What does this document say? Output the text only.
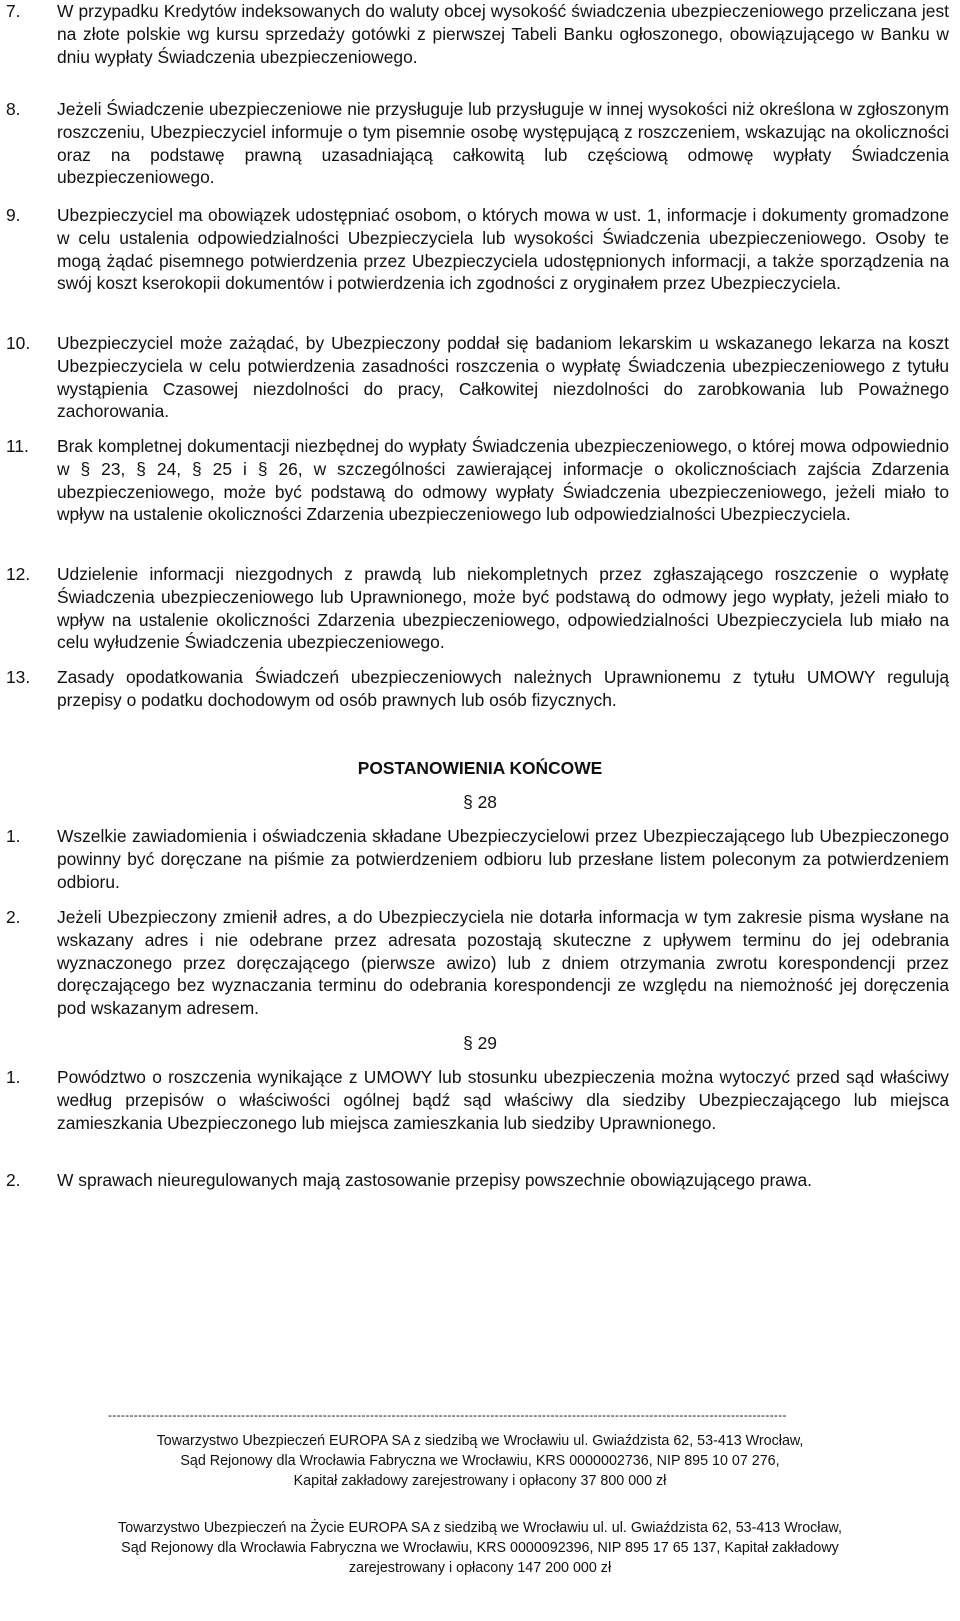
7. W przypadku Kredytów indeksowanych do waluty obcej wysokość świadczenia ubezpieczeniowego przeliczana jest na złote polskie wg kursu sprzedaży gotówki z pierwszej Tabeli Banku ogłoszonego, obowiązującego w Banku w dniu wypłaty Świadczenia ubezpieczeniowego.
8. Jeżeli Świadczenie ubezpieczeniowe nie przysługuje lub przysługuje w innej wysokości niż określona w zgłoszonym roszczeniu, Ubezpieczyciel informuje o tym pisemnie osobę występującą z roszczeniem, wskazując na okoliczności oraz na podstawę prawną uzasadniającą całkowitą lub częściową odmowę wypłaty Świadczenia ubezpieczeniowego.
9. Ubezpieczyciel ma obowiązek udostępniać osobom, o których mowa w ust. 1, informacje i dokumenty gromadzone w celu ustalenia odpowiedzialności Ubezpieczyciela lub wysokości Świadczenia ubezpieczeniowego. Osoby te mogą żądać pisemnego potwierdzenia przez Ubezpieczyciela udostępnionych informacji, a także sporządzenia na swój koszt kserokopii dokumentów i potwierdzenia ich zgodności z oryginałem przez Ubezpieczyciela.
10. Ubezpieczyciel może zażądać, by Ubezpieczony poddał się badaniom lekarskim u wskazanego lekarza na koszt Ubezpieczyciela w celu potwierdzenia zasadności roszczenia o wypłatę Świadczenia ubezpieczeniowego z tytułu wystąpienia Czasowej niezdolności do pracy, Całkowitej niezdolności do zarobkowania lub Poważnego zachorowania.
11. Brak kompletnej dokumentacji niezbędnej do wypłaty Świadczenia ubezpieczeniowego, o której mowa odpowiednio w § 23, § 24, § 25 i § 26, w szczególności zawierającej informacje o okolicznościach zajścia Zdarzenia ubezpieczeniowego, może być podstawą do odmowy wypłaty Świadczenia ubezpieczeniowego, jeżeli miało to wpływ na ustalenie okoliczności Zdarzenia ubezpieczeniowego lub odpowiedzialności Ubezpieczyciela.
12. Udzielenie informacji niezgodnych z prawdą lub niekompletnych przez zgłaszającego roszczenie o wypłatę Świadczenia ubezpieczeniowego lub Uprawnionego, może być podstawą do odmowy jego wypłaty, jeżeli miało to wpływ na ustalenie okoliczności Zdarzenia ubezpieczeniowego, odpowiedzialności Ubezpieczyciela lub miało na celu wyłudzenie Świadczenia ubezpieczeniowego.
13. Zasady opodatkowania Świadczeń ubezpieczeniowych należnych Uprawnionemu z tytułu UMOWY regulują przepisy o podatku dochodowym od osób prawnych lub osób fizycznych.
POSTANOWIENIA KOŃCOWE
§ 28
1. Wszelkie zawiadomienia i oświadczenia składane Ubezpieczycielowi przez Ubezpieczającego lub Ubezpieczonego powinny być doręczane na piśmie za potwierdzeniem odbioru lub przesłane listem poleconym za potwierdzeniem odbioru.
2. Jeżeli Ubezpieczony zmienił adres, a do Ubezpieczyciela nie dotarła informacja w tym zakresie pisma wysłane na wskazany adres i nie odebrane przez adresata pozostają skuteczne z upływem terminu do jej odebrania wyznaczonego przez doręczającego (pierwsze awizo) lub z dniem otrzymania zwrotu korespondencji przez doręczającego bez wyznaczania terminu do odebrania korespondencji ze względu na niemożność jej doręczenia pod wskazanym adresem.
§ 29
1. Powództwo o roszczenia wynikające z UMOWY lub stosunku ubezpieczenia można wytoczyć przed sąd właściwy według przepisów o właściwości ogólnej bądź sąd właściwy dla siedziby Ubezpieczającego lub miejsca zamieszkania Ubezpieczonego lub miejsca zamieszkania lub siedziby Uprawnionego.
2. W sprawach nieuregulowanych mają zastosowanie przepisy powszechnie obowiązującego prawa.
--------------------------------------------------------------------------------------------------------------------------------------------------------------
Towarzystwo Ubezpieczeń EUROPA SA z siedzibą we Wrocławiu ul. Gwiaździsta 62, 53-413 Wrocław,
Sąd Rejonowy dla Wrocławia Fabryczna we Wrocławiu, KRS 0000002736, NIP 895 10 07 276,
Kapitał zakładowy zarejestrowany i opłacony 37 800 000 zł
Towarzystwo Ubezpieczeń na Życie EUROPA SA z siedzibą we Wrocławiu ul. ul. Gwiaździsta 62, 53-413 Wrocław,
Sąd Rejonowy dla Wrocławia Fabryczna we Wrocławiu, KRS 0000092396, NIP 895 17 65 137, Kapitał zakładowy
zarejestrowany i opłacony 147 200 000 zł
